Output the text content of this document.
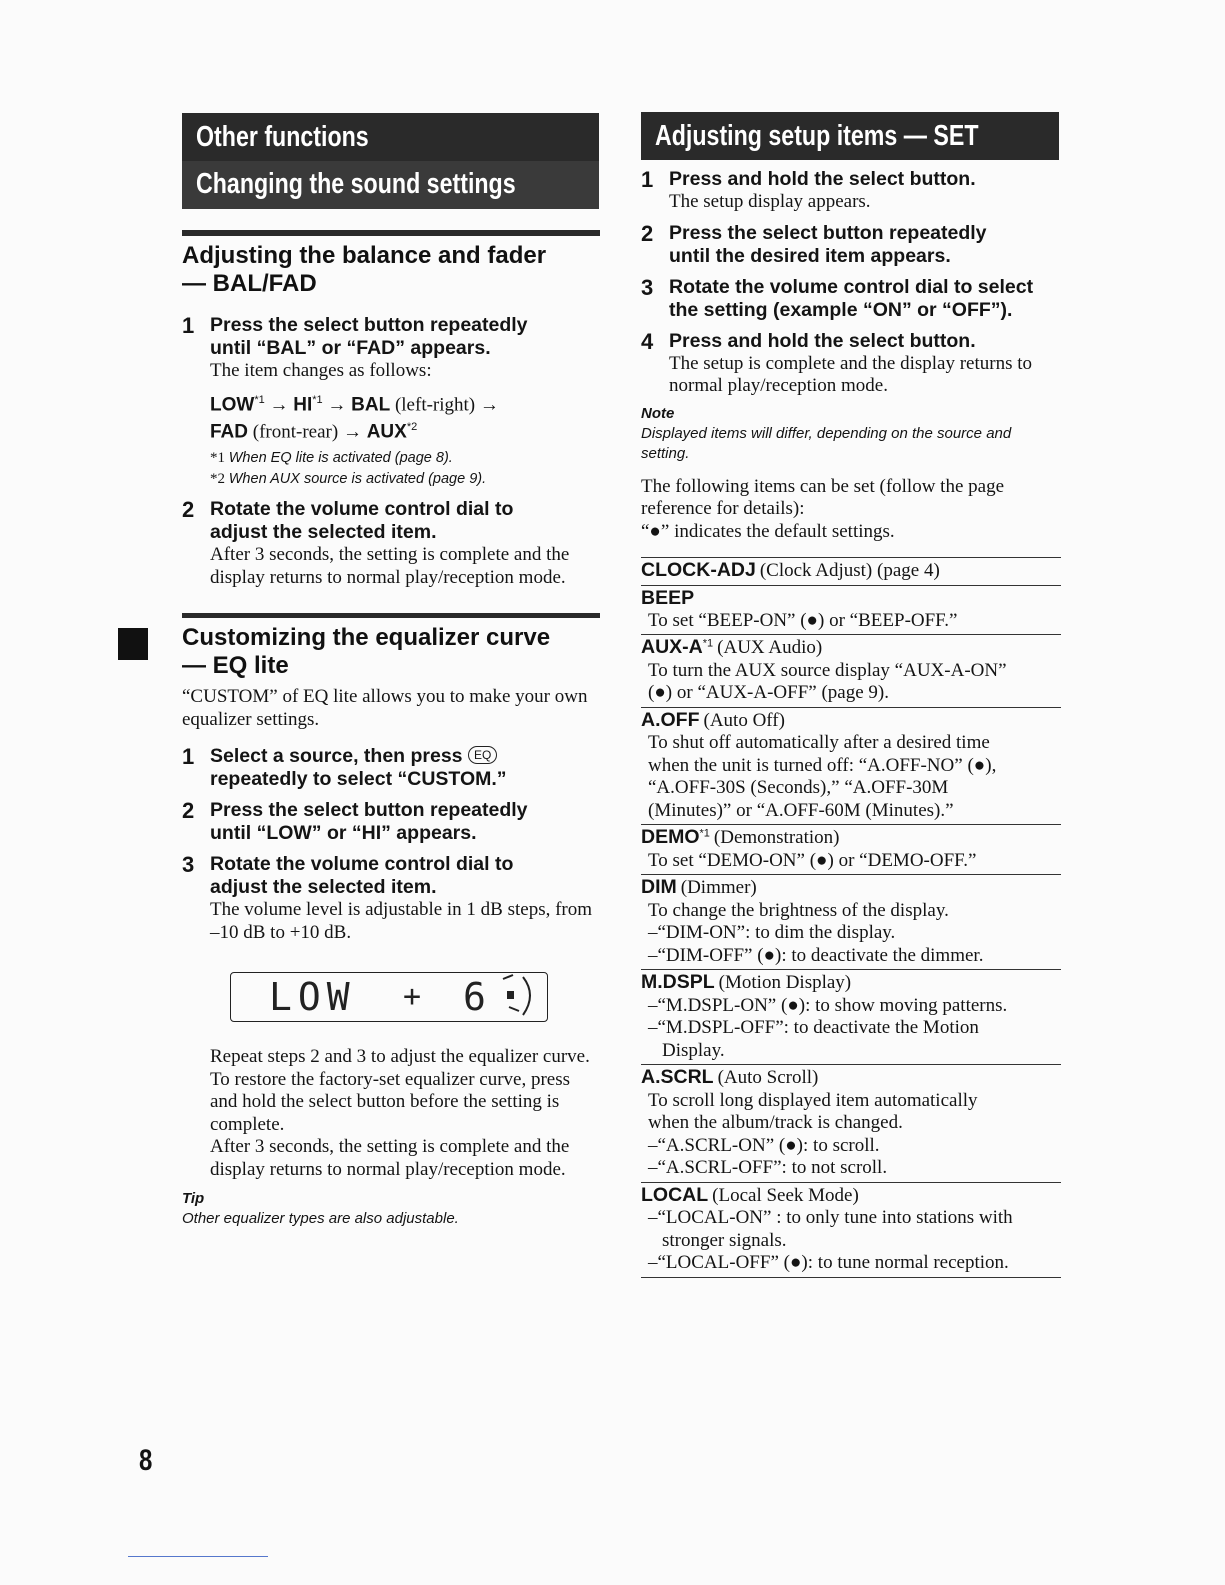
Other functions
Changing the sound settings
Adjusting setup items — SET
Adjusting the balance and fader
— BAL/FAD
1 Press the select button repeatedly until “BAL” or “FAD” appears.
The item changes as follows:
$LOW^{*1} \to HI^{*1}$ → BAL (left-right) →
FAD (front-rear) → $AUX^{*2}$
*1 When EQ lite is activated (page 8).
*2 When AUX source is activated (page 9).
2 Rotate the volume control dial to adjust the selected item.
After 3 seconds, the setting is complete and the display returns to normal play/reception mode.
Customizing the equalizer curve
— EQ lite
“CUSTOM” of EQ lite allows you to make your own equalizer settings.
1 Select a source, then press EQ
repeatedly to select “CUSTOM.”
2 Press the select button repeatedly until “LOW” or “HI” appears.
3 Rotate the volume control dial to adjust the selected item.
The volume level is adjustable in 1 dB steps, from –10 dB to +10 dB.
LOW + 6
Repeat steps 2 and 3 to adjust the equalizer curve.
To restore the factory-set equalizer curve, press and hold the select button before the setting is complete.
After 3 seconds, the setting is complete and the display returns to normal play/reception mode.
Tip
Other equalizer types are also adjustable.
1 Press and hold the select button.
The setup display appears.
2 Press the select button repeatedly until the desired item appears.
3 Rotate the volume control dial to select the setting (example “ON” or “OFF”).
4 Press and hold the select button.
The setup is complete and the display returns to normal play/reception mode.
Note
Displayed items will differ, depending on the source and setting.
The following items can be set (follow the page reference for details):
“●” indicates the default settings.
CLOCK-ADJ (Clock Adjust) (page 4)
BEEP
To set “BEEP-ON” (●) or “BEEP-OFF.”
AUX-$A^{*1}$ (AUX Audio)
To turn the AUX source display “AUX-A-ON”
(●) or “AUX-A-OFF” (page 9).
A.OFF (Auto Off)
To shut off automatically after a desired time
when the unit is turned off: “A.OFF-NO” (●),
“A.OFF-30S (Seconds),” “A.OFF-30M
(Minutes)” or “A.OFF-60M (Minutes).”
DEMO$^{*1}$ (Demonstration)
To set “DEMO-ON” (●) or “DEMO-OFF.”
DIM (Dimmer)
To change the brightness of the display.
–“DIM-ON”: to dim the display.
–“DIM-OFF” (●): to deactivate the dimmer.
M.DSPL (Motion Display)
–“M.DSPL-ON” (●): to show moving patterns.
–“M.DSPL-OFF”: to deactivate the Motion
Display.
A.SCRL (Auto Scroll)
To scroll long displayed item automatically
when the album/track is changed.
–“A.SCRL-ON” (●): to scroll.
–“A.SCRL-OFF”: to not scroll.
LOCAL (Local Seek Mode)
–“LOCAL-ON” : to only tune into stations with
stronger signals.
–“LOCAL-OFF” (●): to tune normal reception.
8
